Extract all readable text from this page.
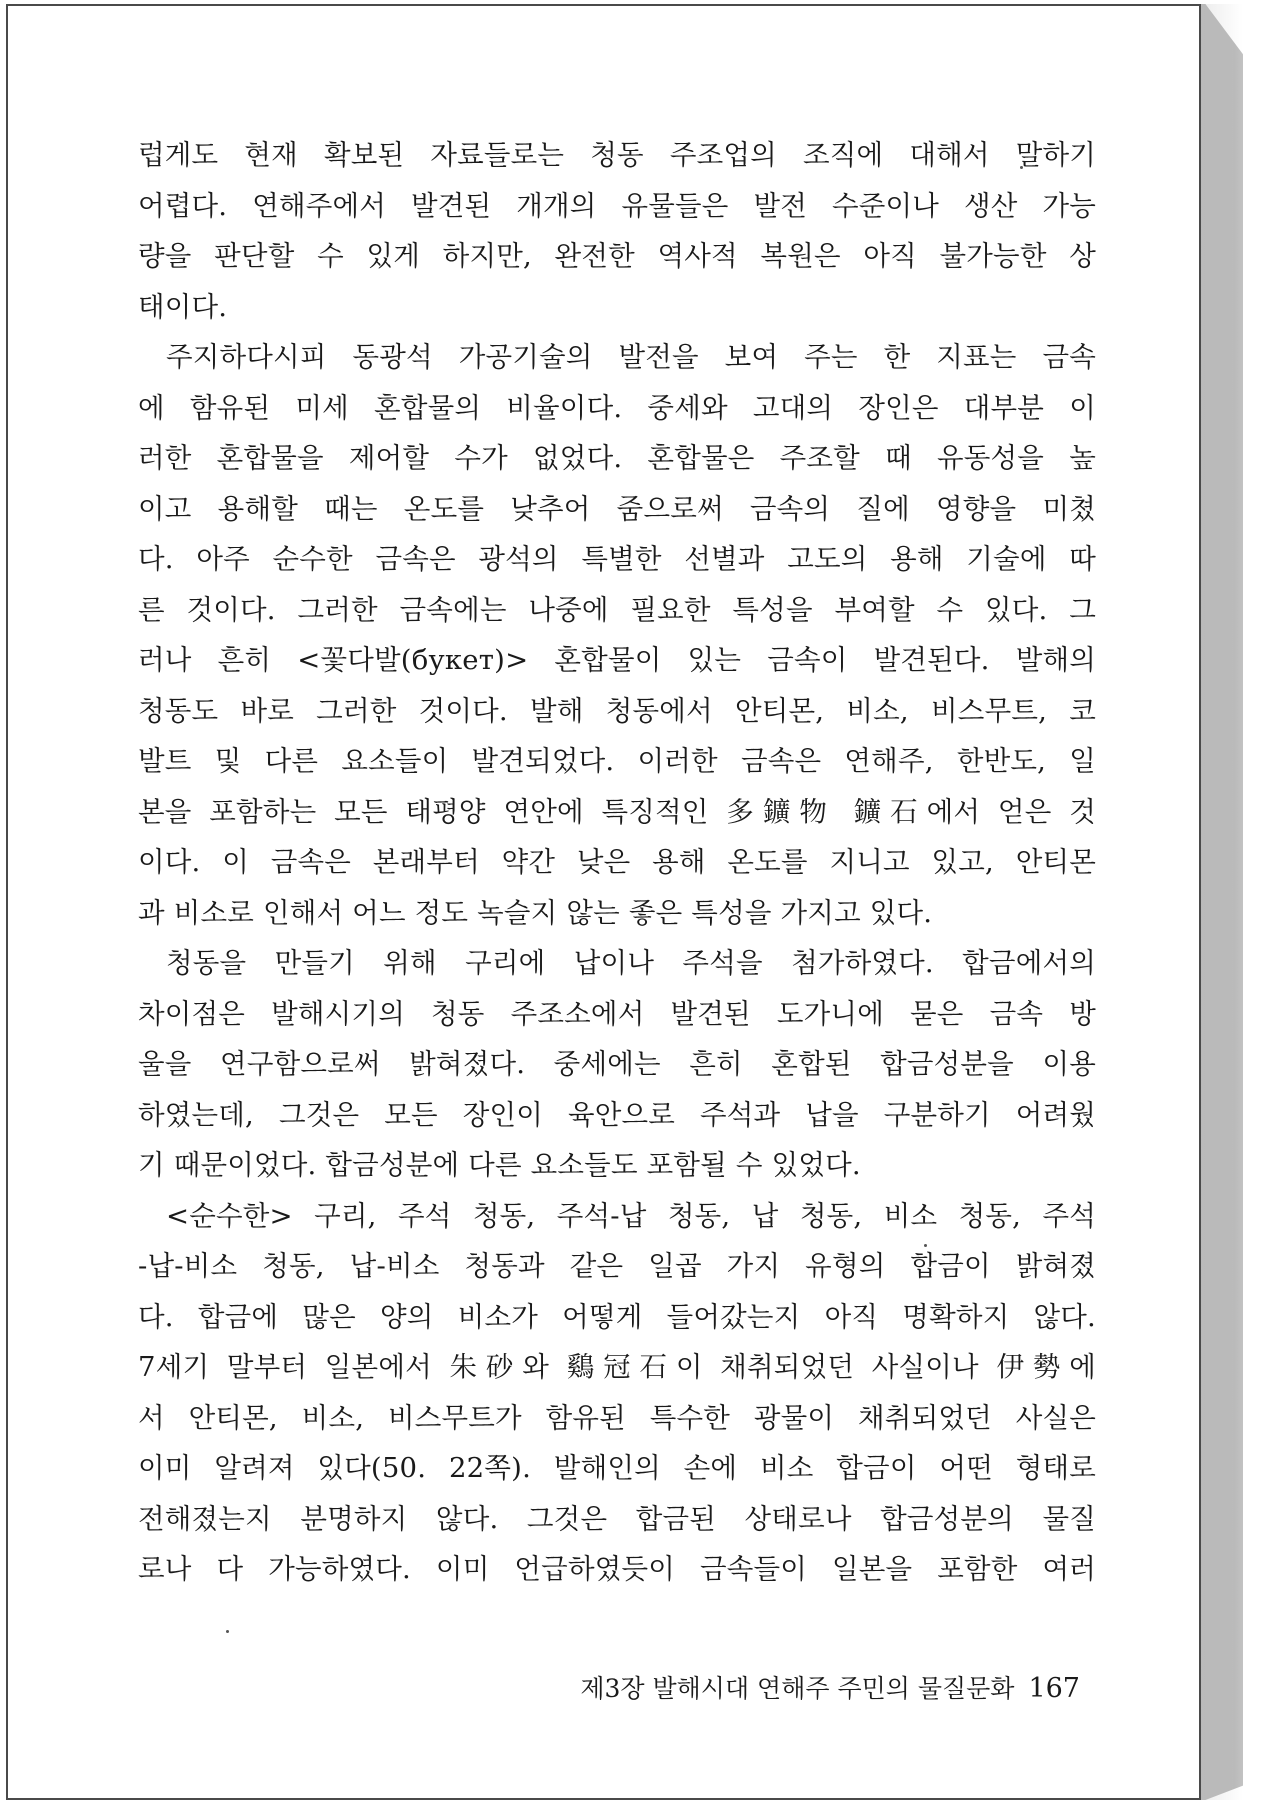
럽게도 현재 확보된 자료들로는 청동 주조업의 조직에 대해서 말하기
어렵다. 연해주에서 발견된 개개의 유물들은 발전 수준이나 생산 가능
량을 판단할 수 있게 하지만, 완전한 역사적 복원은 아직 불가능한 상
태이다.
주지하다시피 동광석 가공기술의 발전을 보여 주는 한 지표는 금속
에 함유된 미세 혼합물의 비율이다. 중세와 고대의 장인은 대부분 이
러한 혼합물을 제어할 수가 없었다. 혼합물은 주조할 때 유동성을 높
이고 용해할 때는 온도를 낮추어 줌으로써 금속의 질에 영향을 미쳤
다. 아주 순수한 금속은 광석의 특별한 선별과 고도의 용해 기술에 따
른 것이다. 그러한 금속에는 나중에 필요한 특성을 부여할 수 있다. 그
러나 흔히 <꽃다발(букет)> 혼합물이 있는 금속이 발견된다. 발해의
청동도 바로 그러한 것이다. 발해 청동에서 안티몬, 비소, 비스무트, 코
발트 및 다른 요소들이 발견되었다. 이러한 금속은 연해주, 한반도, 일
본을 포함하는 모든 태평양 연안에 특징적인 多鑛物 鑛石에서 얻은 것
이다. 이 금속은 본래부터 약간 낮은 용해 온도를 지니고 있고, 안티몬
과 비소로 인해서 어느 정도 녹슬지 않는 좋은 특성을 가지고 있다.
청동을 만들기 위해 구리에 납이나 주석을 첨가하였다. 합금에서의
차이점은 발해시기의 청동 주조소에서 발견된 도가니에 묻은 금속 방
울을 연구함으로써 밝혀졌다. 중세에는 흔히 혼합된 합금성분을 이용
하였는데, 그것은 모든 장인이 육안으로 주석과 납을 구분하기 어려웠
기 때문이었다. 합금성분에 다른 요소들도 포함될 수 있었다.
<순수한> 구리, 주석 청동, 주석-납 청동, 납 청동, 비소 청동, 주석
-납-비소 청동, 납-비소 청동과 같은 일곱 가지 유형의 합금이 밝혀졌
다. 합금에 많은 양의 비소가 어떻게 들어갔는지 아직 명확하지 않다.
7세기 말부터 일본에서 朱砂와 鷄冠石이 채취되었던 사실이나 伊勢에
서 안티몬, 비소, 비스무트가 함유된 특수한 광물이 채취되었던 사실은
이미 알려져 있다(50. 22쪽). 발해인의 손에 비소 합금이 어떤 형태로
전해졌는지 분명하지 않다. 그것은 합금된 상태로나 합금성분의 물질
로나 다 가능하였다. 이미 언급하였듯이 금속들이 일본을 포함한 여러
제3장 발해시대 연해주 주민의 물질문화 167
